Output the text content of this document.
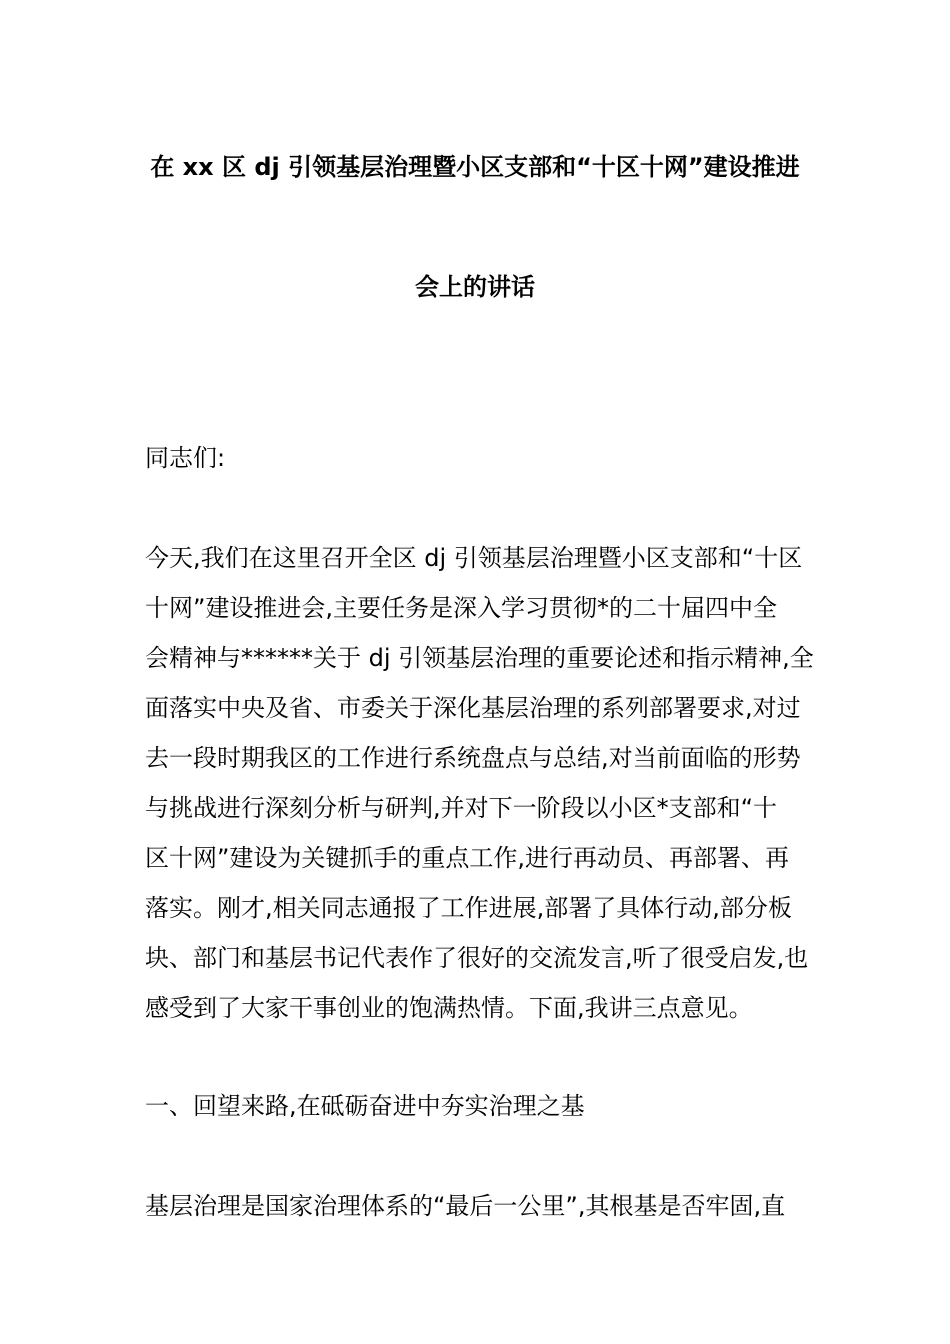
在 xx 区 dj 引领基层治理暨小区支部和“十区十网”建设推进
会上的讲话
同志们:
今天,我们在这里召开全区 dj 引领基层治理暨小区支部和“十区
十网”建设推进会,主要任务是深入学习贯彻*的二十届四中全
会精神与******关于 dj 引领基层治理的重要论述和指示精神,全
面落实中央及省、市委关于深化基层治理的系列部署要求,对过
去一段时期我区的工作进行系统盘点与总结,对当前面临的形势
与挑战进行深刻分析与研判,并对下一阶段以小区*支部和“十
区十网”建设为关键抓手的重点工作,进行再动员、再部署、再
落实。刚才,相关同志通报了工作进展,部署了具体行动,部分板
块、部门和基层书记代表作了很好的交流发言,听了很受启发,也
感受到了大家干事创业的饱满热情。下面,我讲三点意见。
一、回望来路,在砥砺奋进中夯实治理之基
基层治理是国家治理体系的“最后一公里”,其根基是否牢固,直
